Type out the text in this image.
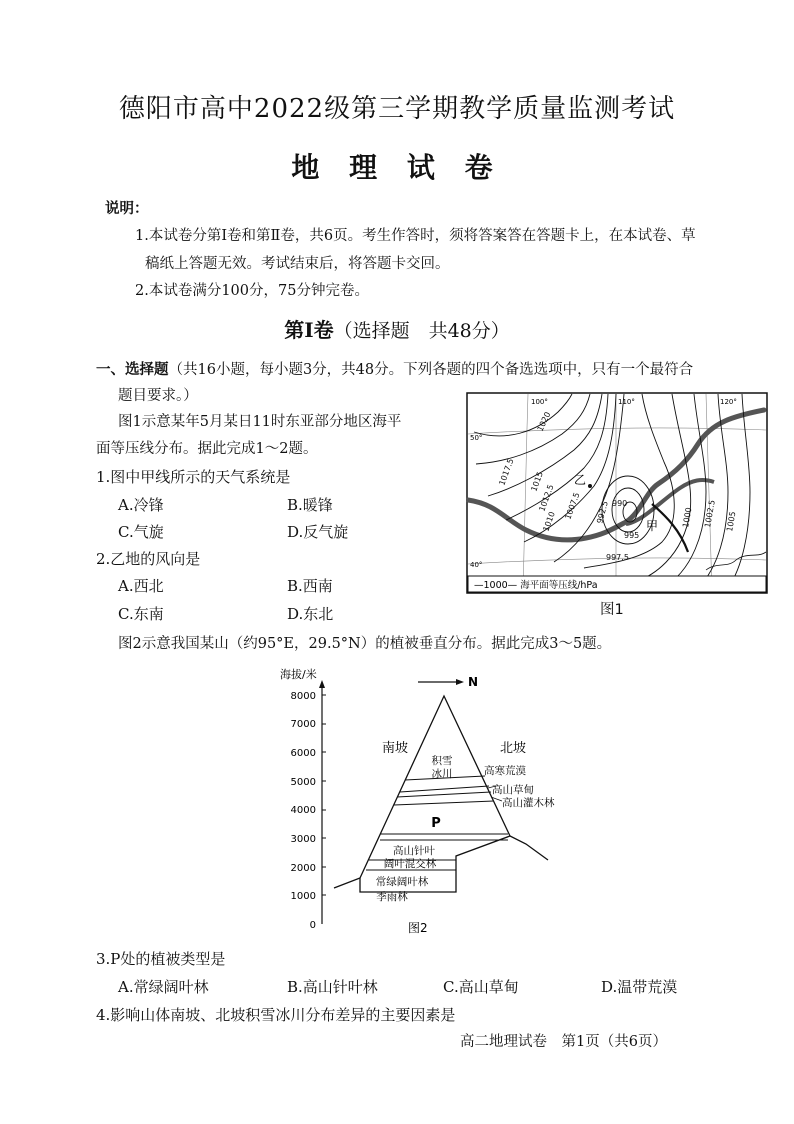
德阳市高中2022级第三学期教学质量监测考试
地 理 试 卷
说明：
1.本试卷分第Ⅰ卷和第Ⅱ卷，共6页。考生作答时，须将答案答在答题卡上，在本试卷、草
稿纸上答题无效。考试结束后，将答题卡交回。
2.本试卷满分100分，75分钟完卷。
第Ⅰ卷（选择题　共48分）
一、选择题（共16小题，每小题3分，共48分。下列各题的四个备选选项中，只有一个最符合
题目要求。）
图1示意某年5月某日11时东亚部分地区海平
面等压线分布。据此完成1～2题。
1.图中甲线所示的天气系统是
A.冷锋	B.暖锋
C.气旋	D.反气旋
2.乙地的风向是
A.西北	B.西南
C.东南	D.东北
100°	110°	120°
50°
40°
1020
1017.5 1015
1012.5
1010
1007.5 992.5 990
995
997.5
1000 1002.5 1005
乙
甲
—1000— 海平面等压线/hPa
图1
图2示意我国某山（约95°E，29.5°N）的植被垂直分布。据此完成3～5题。
海拔/米
8000
7000
6000
5000
4000
3000
2000
1000
0
N
南坡	北坡
积雪
冰川
P
高山针叶
阔叶混交林
常绿阔叶林
季雨林
高寒荒漠
高山草甸
高山灌木林
图2
3.P处的植被类型是
A.常绿阔叶林	B.高山针叶林	C.高山草甸	D.温带荒漠
4.影响山体南坡、北坡积雪冰川分布差异的主要因素是
高二地理试卷　第1页（共6页）
